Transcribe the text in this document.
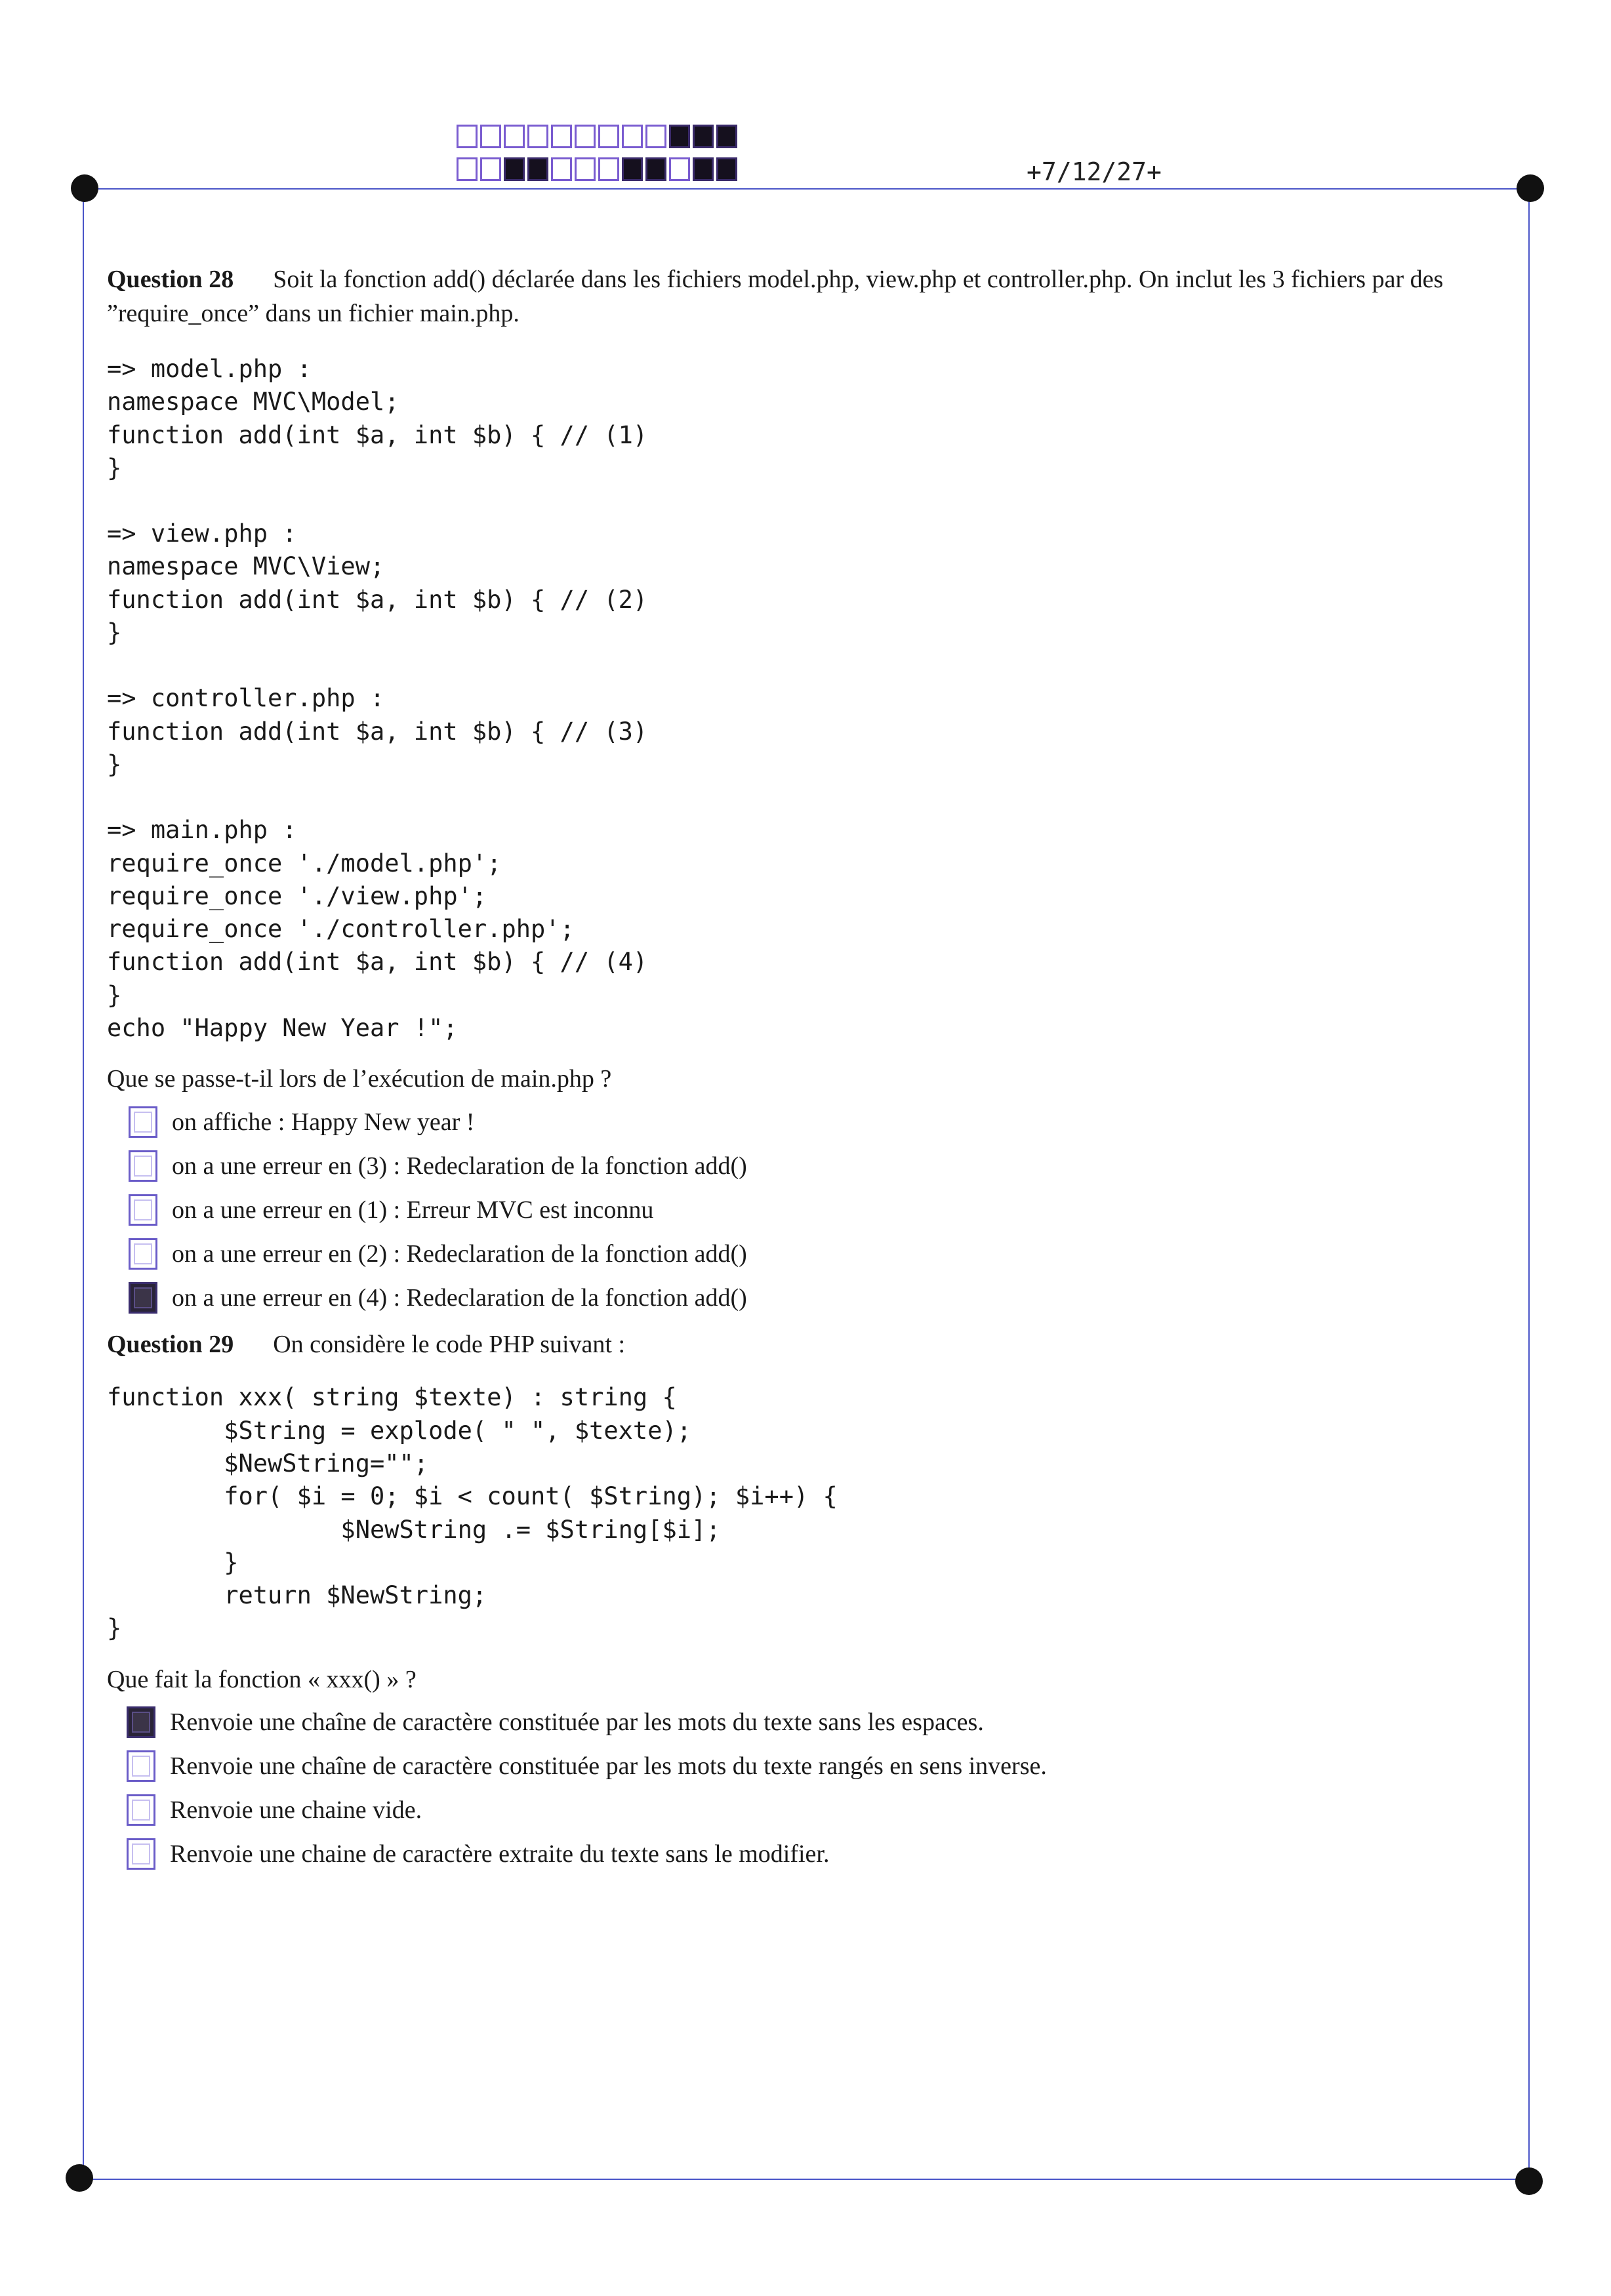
+7/12/27+

Question 28 Soit la fonction add() déclarée dans les fichiers model.php, view.php et controller.php. On inclut les 3 fichiers par des ”require_once” dans un fichier main.php.

=> model.php :
namespace MVC\Model;
function add(int $a, int $b) { // (1)
}
=> view.php :
namespace MVC\View;
function add(int $a, int $b) { // (2)
}
=> controller.php :
function add(int $a, int $b) { // (3)
}
=> main.php :
require_once './model.php';
require_once './view.php';
require_once './controller.php';
function add(int $a, int $b) { // (4)
}
echo "Happy New Year !";

Que se passe-t-il lors de l’exécution de main.php ?

on affiche : Happy New year !
on a une erreur en (3) : Redeclaration de la fonction add()
on a une erreur en (1) : Erreur MVC est inconnu
on a une erreur en (2) : Redeclaration de la fonction add()
on a une erreur en (4) : Redeclaration de la fonction add()

Question 29 On considère le code PHP suivant :

function xxx( string $texte) : string {
$String = explode( " ", $texte);
$NewString="";
for( $i = 0; $i < count( $String); $i++) {
$NewString .= $String[$i];
}
return $NewString;
}

Que fait la fonction « xxx() » ?

Renvoie une chaîne de caractère constituée par les mots du texte sans les espaces.
Renvoie une chaîne de caractère constituée par les mots du texte rangés en sens inverse.
Renvoie une chaine vide.
Renvoie une chaine de caractère extraite du texte sans le modifier.
